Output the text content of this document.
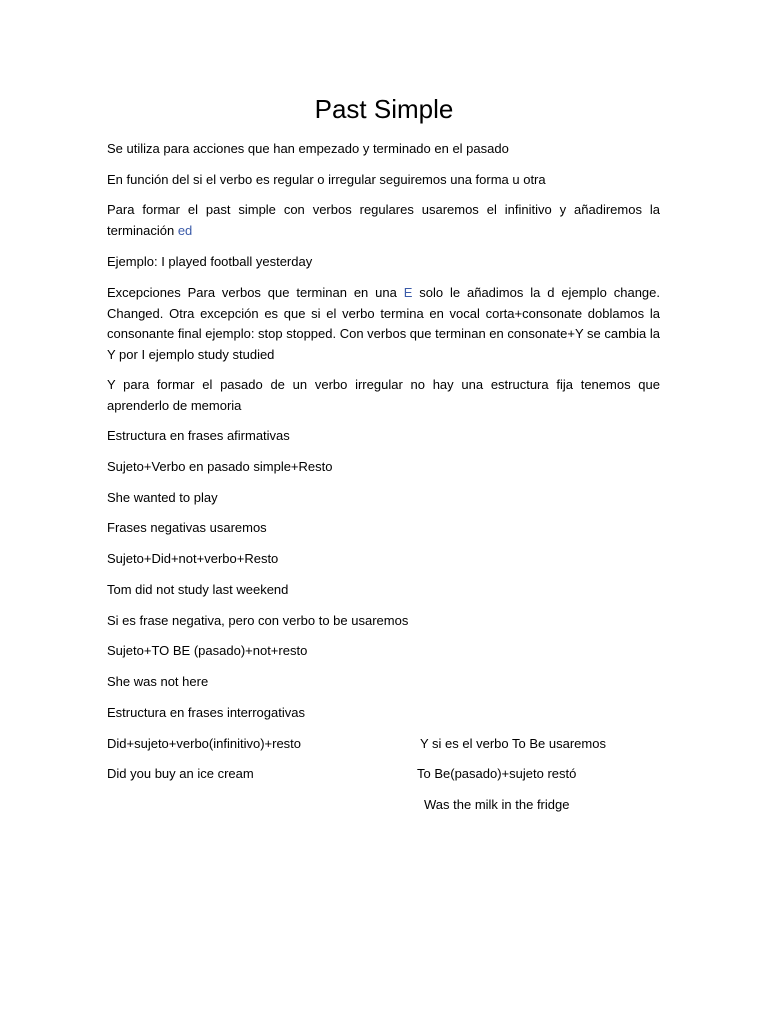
Past Simple

Se utiliza para acciones que han empezado y terminado en el pasado

En función del si el verbo es regular o irregular seguiremos una forma u otra

Para formar el past simple con verbos regulares usaremos el infinitivo y añadiremos la terminación ed

Ejemplo: I played football yesterday

Excepciones Para verbos que terminan en una E solo le añadimos la d ejemplo change. Changed. Otra excepción es que si el verbo termina en vocal corta+consonate doblamos la consonante final ejemplo: stop stopped. Con verbos que terminan en consonate+Y se cambia la Y por I ejemplo study studied

Y para formar el pasado de un verbo irregular no hay una estructura fija tenemos que aprenderlo de memoria

Estructura en frases afirmativas

Sujeto+Verbo en pasado simple+Resto

She wanted to play

Frases negativas usaremos

Sujeto+Did+not+verbo+Resto

Tom did not study last weekend

Si es frase negativa, pero con verbo to be usaremos

Sujeto+TO BE (pasado)+not+resto

She was not here

Estructura en frases interrogativas

Did+sujeto+verbo(infinitivo)+resto

Did you buy an ice cream

Y si es el verbo To Be usaremos
To Be(pasado)+sujeto restó
Was the milk in the fridge
